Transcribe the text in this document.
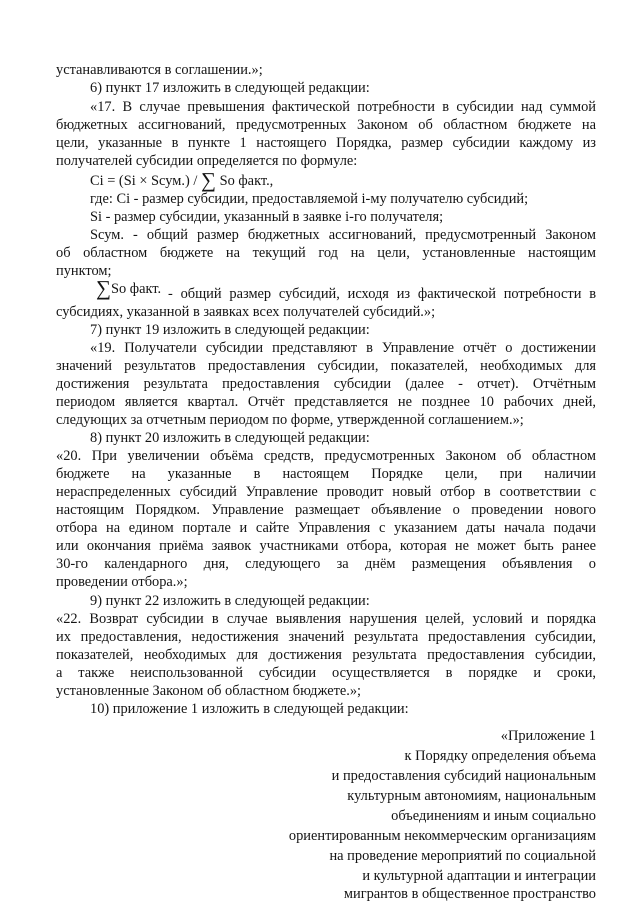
устанавливаются в соглашении.»;
6) пункт 17 изложить в следующей редакции:
«17. В случае превышения фактической потребности в субсидии над суммой
бюджетных ассигнований, предусмотренных Законом об областном бюджете на
цели, указанные в пункте 1 настоящего Порядка, размер субсидии каждому из
получателей субсидии определяется по формуле:
Ci = (Si × Sсум.) / ∑ So факт.,
где: Ci - размер субсидии, предоставляемой i-му получателю субсидий;
Si - размер субсидии, указанный в заявке i-го получателя;
Sсум. - общий размер бюджетных ассигнований, предусмотренный Законом
об областном бюджете на текущий год на цели, установленные настоящим
пунктом;
∑So факт. - общий размер субсидий, исходя из фактической потребности в
субсидиях, указанной в заявках всех получателей субсидий.»;
7) пункт 19 изложить в следующей редакции:
«19. Получатели субсидии представляют в Управление отчёт о достижении
значений результатов предоставления субсидии, показателей, необходимых для
достижения результата предоставления субсидии (далее - отчет). Отчётным
периодом является квартал. Отчёт представляется не позднее 10 рабочих дней,
следующих за отчетным периодом по форме, утвержденной соглашением.»;
8) пункт 20 изложить в следующей редакции:
«20. При увеличении объёма средств, предусмотренных Законом об областном
бюджете на указанные в настоящем Порядке цели, при наличии
нераспределенных субсидий Управление проводит новый отбор в соответствии с
настоящим Порядком. Управление размещает объявление о проведении нового
отбора на едином портале и сайте Управления с указанием даты начала подачи
или окончания приёма заявок участниками отбора, которая не может быть ранее
30-го календарного дня, следующего за днём размещения объявления о
проведении отбора.»;
9) пункт 22 изложить в следующей редакции:
«22. Возврат субсидии в случае выявления нарушения целей, условий и порядка
их предоставления, недостижения значений результата предоставления субсидии,
показателей, необходимых для достижения результата предоставления субсидии,
а также неиспользованной субсидии осуществляется в порядке и сроки,
установленные Законом об областном бюджете.»;
10) приложение 1 изложить в следующей редакции:
«Приложение 1
к Порядку определения объема
и предоставления субсидий национальным
культурным автономиям, национальным
объединениям и иным социально
ориентированным некоммерческим организациям
на проведение мероприятий по социальной
и культурной адаптации и интеграции
мигрантов в общественное пространство
